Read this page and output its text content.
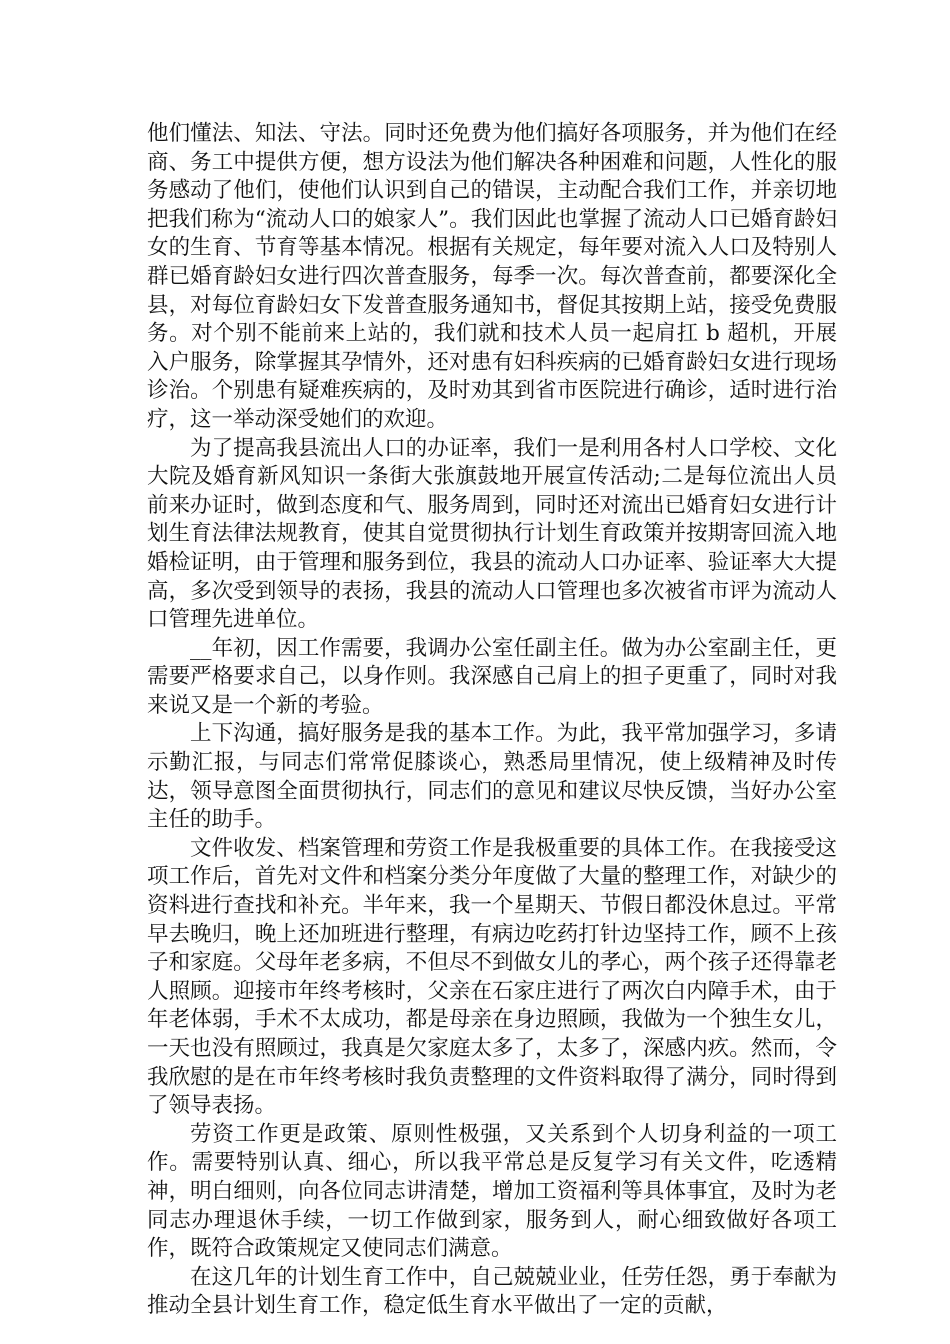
他们懂法、知法、守法。同时还免费为他们搞好各项服务，并为他们在经商、务工中提供方便，想方设法为他们解决各种困难和问题，人性化的服务感动了他们，使他们认识到自己的错误，主动配合我们工作，并亲切地把我们称为“流动人口的娘家人”。我们因此也掌握了流动人口已婚育龄妇女的生育、节育等基本情况。根据有关规定，每年要对流入人口及特别人群已婚育龄妇女进行四次普查服务，每季一次。每次普查前，都要深化全县，对每位育龄妇女下发普查服务通知书，督促其按期上站，接受免费服务。对个别不能前来上站的，我们就和技术人员一起肩扛 b 超机，开展入户服务，除掌握其孕情外，还对患有妇科疾病的已婚育龄妇女进行现场诊治。个别患有疑难疾病的，及时劝其到省市医院进行确诊，适时进行治疗，这一举动深受她们的欢迎。

为了提高我县流出人口的办证率，我们一是利用各村人口学校、文化大院及婚育新风知识一条街大张旗鼓地开展宣传活动;二是每位流出人员前来办证时，做到态度和气、服务周到，同时还对流出已婚育妇女进行计划生育法律法规教育，使其自觉贯彻执行计划生育政策并按期寄回流入地婚检证明，由于管理和服务到位，我县的流动人口办证率、验证率大大提高，多次受到领导的表扬，我县的流动人口管理也多次被省市评为流动人口管理先进单位。

__年初，因工作需要，我调办公室任副主任。做为办公室副主任，更需要严格要求自己，以身作则。我深感自己肩上的担子更重了，同时对我来说又是一个新的考验。

上下沟通，搞好服务是我的基本工作。为此，我平常加强学习，多请示勤汇报，与同志们常常促膝谈心，熟悉局里情况，使上级精神及时传达，领导意图全面贯彻执行，同志们的意见和建议尽快反馈，当好办公室主任的助手。

文件收发、档案管理和劳资工作是我极重要的具体工作。在我接受这项工作后，首先对文件和档案分类分年度做了大量的整理工作，对缺少的资料进行查找和补充。半年来，我一个星期天、节假日都没休息过。平常早去晚归，晚上还加班进行整理，有病边吃药打针边坚持工作，顾不上孩子和家庭。父母年老多病，不但尽不到做女儿的孝心，两个孩子还得靠老人照顾。迎接市年终考核时，父亲在石家庄进行了两次白内障手术，由于年老体弱，手术不太成功，都是母亲在身边照顾，我做为一个独生女儿，一天也没有照顾过，我真是欠家庭太多了，太多了，深感内疚。然而，令我欣慰的是在市年终考核时我负责整理的文件资料取得了满分，同时得到了领导表扬。

劳资工作更是政策、原则性极强，又关系到个人切身利益的一项工作。需要特别认真、细心，所以我平常总是反复学习有关文件，吃透精神，明白细则，向各位同志讲清楚，增加工资福利等具体事宜，及时为老同志办理退休手续，一切工作做到家，服务到人，耐心细致做好各项工作，既符合政策规定又使同志们满意。

在这几年的计划生育工作中，自己兢兢业业，任劳任怨，勇于奉献为推动全县计划生育工作，稳定低生育水平做出了一定的贡献，
